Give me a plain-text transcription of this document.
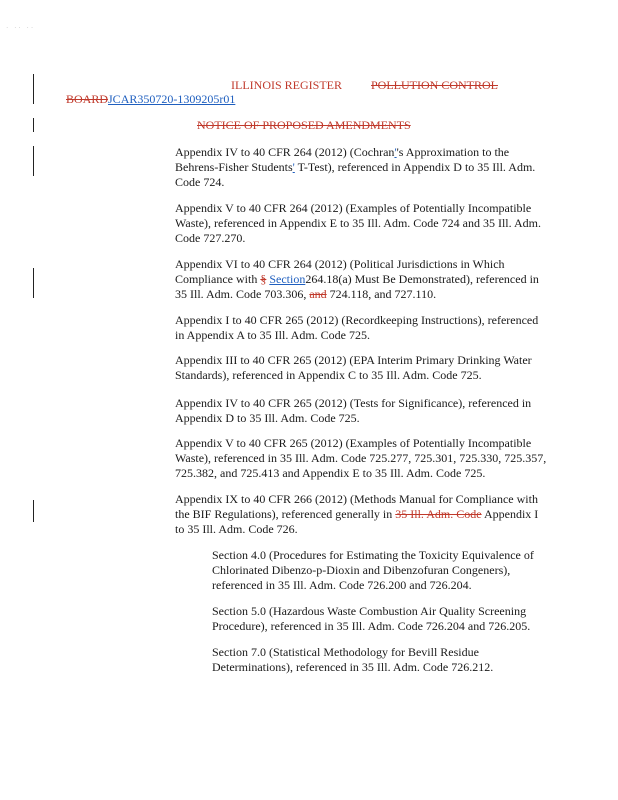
· ·· ··
ILLINOIS REGISTER POLLUTION CONTROL
BOARDJCAR350720-1309205r01
NOTICE OF PROPOSED AMENDMENTS

Appendix IV to 40 CFR 264 (2012) (Cochran''s Approximation to the Behrens-Fisher Students' T-Test), referenced in Appendix D to 35 Ill. Adm. Code 724.

Appendix V to 40 CFR 264 (2012) (Examples of Potentially Incompatible Waste), referenced in Appendix E to 35 Ill. Adm. Code 724 and 35 Ill. Adm. Code 727.270.

Appendix VI to 40 CFR 264 (2012) (Political Jurisdictions in Which Compliance with § Section264.18(a) Must Be Demonstrated), referenced in 35 Ill. Adm. Code 703.306, and 724.118, and 727.110.

Appendix I to 40 CFR 265 (2012) (Recordkeeping Instructions), referenced in Appendix A to 35 Ill. Adm. Code 725.

Appendix III to 40 CFR 265 (2012) (EPA Interim Primary Drinking Water Standards), referenced in Appendix C to 35 Ill. Adm. Code 725.

Appendix IV to 40 CFR 265 (2012) (Tests for Significance), referenced in Appendix D to 35 Ill. Adm. Code 725.

Appendix V to 40 CFR 265 (2012) (Examples of Potentially Incompatible Waste), referenced in 35 Ill. Adm. Code 725.277, 725.301, 725.330, 725.357, 725.382, and 725.413 and Appendix E to 35 Ill. Adm. Code 725.

Appendix IX to 40 CFR 266 (2012) (Methods Manual for Compliance with the BIF Regulations), referenced generally in 35 Ill. Adm. Code Appendix I to 35 Ill. Adm. Code 726.

Section 4.0 (Procedures for Estimating the Toxicity Equivalence of Chlorinated Dibenzo-p-Dioxin and Dibenzofuran Congeners), referenced in 35 Ill. Adm. Code 726.200 and 726.204.

Section 5.0 (Hazardous Waste Combustion Air Quality Screening Procedure), referenced in 35 Ill. Adm. Code 726.204 and 726.205.

Section 7.0 (Statistical Methodology for Bevill Residue Determinations), referenced in 35 Ill. Adm. Code 726.212.
